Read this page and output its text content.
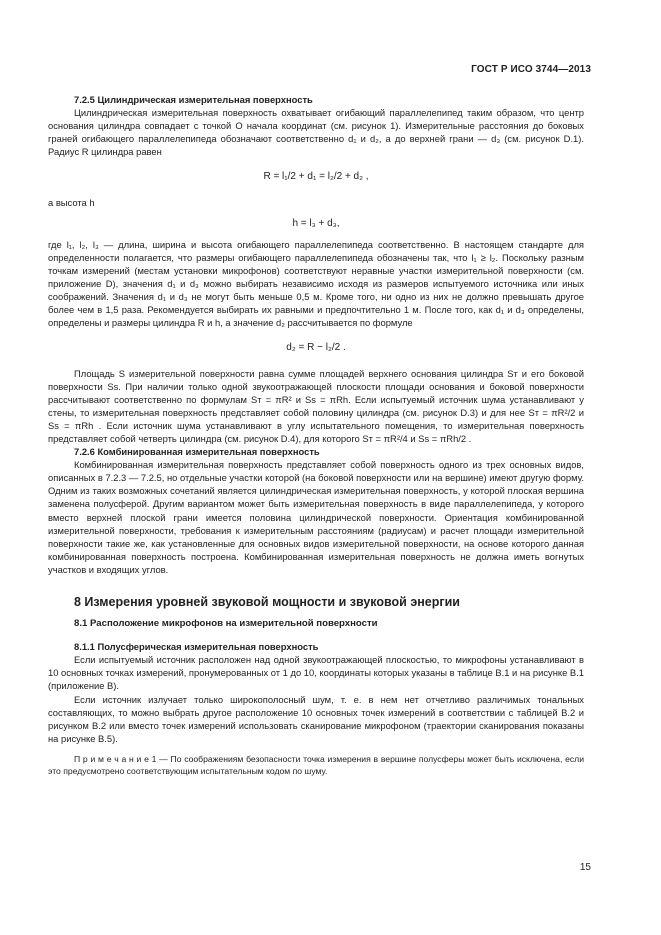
ГОСТ Р ИСО 3744—2013
7.2.5 Цилиндрическая измерительная поверхность

Цилиндрическая измерительная поверхность охватывает огибающий параллелепипед таким образом, что центр основания цилиндра совпадает с точкой O начала координат (см. рисунок 1). Измерительные расстояния до боковых граней огибающего параллелепипеда обозначают соответственно d₁ и d₂, а до верхней грани — d₃ (см. рисунок D.1). Радиус R цилиндра равен

R = l₁/2 + d₁ = l₂/2 + d₂ ,

а высота h

h = l₃ + d₃,

где l₁, l₂, l₃ — длина, ширина и высота огибающего параллелепипеда соответственно. В настоящем стандарте для определенности полагается, что размеры огибающего параллелепипеда обозначены так, что l₁ ≥ l₂. Поскольку разным точкам измерений (местам установки микрофонов) соответствуют неравные участки измерительной поверхности (см. приложение D), значения d₁ и d₃ можно выбирать независимо исходя из размеров испытуемого источника или иных соображений. Значения d₁ и d₃ не могут быть меньше 0,5 м. Кроме того, ни одно из них не должно превышать другое более чем в 1,5 раза. Рекомендуется выбирать их равными и предпочтительно 1 м. После того, как d₁ и d₃ определены, определены и размеры цилиндра R и h, а значение d₂ рассчитывается по формуле

d₂ = R − l₂/2 .

Площадь S измерительной поверхности равна сумме площадей верхнего основания цилиндра Sᴛ и его боковой поверхности Sѕ. При наличии только одной звукоотражающей плоскости площади основания и боковой поверхности рассчитывают соответственно по формулам Sᴛ = πR² и Sѕ = πRh. Если испытуемый источник шума устанавливают у стены, то измерительная поверхность представляет собой половину цилиндра (см. рисунок D.3) и для нее Sᴛ = πR²/2 и Sѕ = πRh . Если источник шума устанавливают в углу испытательного помещения, то измерительная поверхность представляет собой четверть цилиндра (см. рисунок D.4), для которого Sᴛ = πR²/4 и Sѕ = πRh/2 .

7.2.6 Комбинированная измерительная поверхность

Комбинированная измерительная поверхность представляет собой поверхность одного из трех основных видов, описанных в 7.2.3 — 7.2.5, но отдельные участки которой (на боковой поверхности или на вершине) имеют другую форму. Одним из таких возможных сочетаний является цилиндрическая измерительная поверхность, у которой плоская вершина заменена полусферой. Другим вариантом может быть измерительная поверхность в виде параллелепипеда, у которого вместо верхней плоской грани имеется половина цилиндрической поверхности. Ориентация комбинированной измерительной поверхности, требования к измерительным расстояниям (радиусам) и расчет площади измерительной поверхности такие же, как установленные для основных видов измерительной поверхности, на основе которого данная комбинированная поверхность построена. Комбинированная измерительная поверхность не должна иметь вогнутых участков и входящих углов.

8 Измерения уровней звуковой мощности и звуковой энергии
8.1 Расположение микрофонов на измерительной поверхности
8.1.1 Полусферическая измерительная поверхность

Если испытуемый источник расположен над одной звукоотражающей плоскостью, то микрофоны устанавливают в 10 основных точках измерений, пронумерованных от 1 до 10, координаты которых указаны в таблице В.1 и на рисунке В.1 (приложение В).

Если источник излучает только широкополосный шум, т. е. в нем нет отчетливо различимых тональных составляющих, то можно выбрать другое расположение 10 основных точек измерений в соответствии с таблицей В.2 и рисунком В.2 или вместо точек измерений использовать сканирование микрофоном (траектории сканирования показаны на рисунке В.5).

П р и м е ч а н и е 1 — По соображениям безопасности точка измерения в вершине полусферы может быть исключена, если это предусмотрено соответствующим испытательным кодом по шуму.

15
